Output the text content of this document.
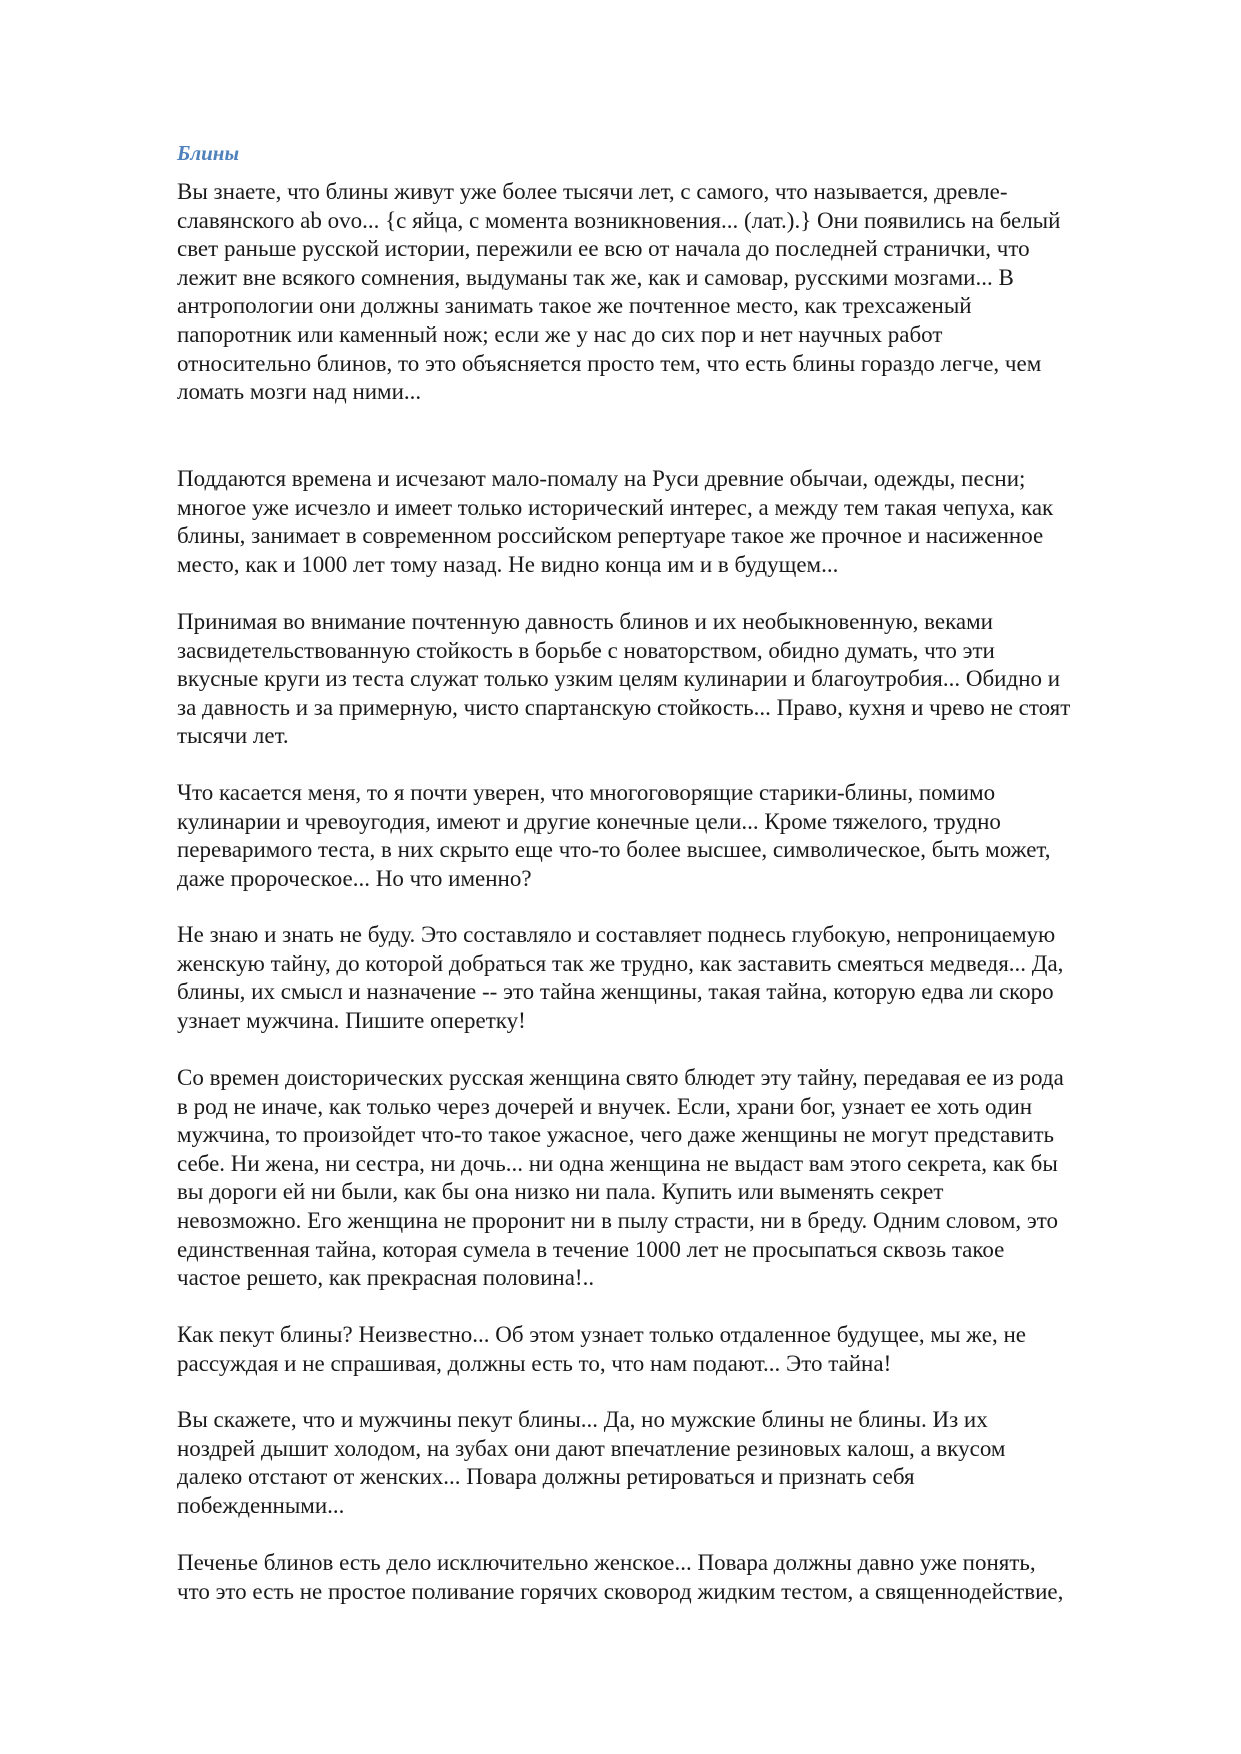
Блины
Вы знаете, что блины живут уже более тысячи лет, с самого, что называется, древле-
славянского ab ovo... {с яйца, с момента возникновения... (лат.).} Они появились на белый
свет раньше русской истории, пережили ее всю от начала до последней странички, что
лежит вне всякого сомнения, выдуманы так же, как и самовар, русскими мозгами... В
антропологии они должны занимать такое же почтенное место, как трехсаженый
папоротник или каменный нож; если же у нас до сих пор и нет научных работ
относительно блинов, то это объясняется просто тем, что есть блины гораздо легче, чем
ломать мозги над ними...
Поддаются времена и исчезают мало-помалу на Руси древние обычаи, одежды, песни;
многое уже исчезло и имеет только исторический интерес, а между тем такая чепуха, как
блины, занимает в современном российском репертуаре такое же прочное и насиженное
место, как и 1000 лет тому назад. Не видно конца им и в будущем...
Принимая во внимание почтенную давность блинов и их необыкновенную, веками
засвидетельствованную стойкость в борьбе с новаторством, обидно думать, что эти
вкусные круги из теста служат только узким целям кулинарии и благоутробия... Обидно и
за давность и за примерную, чисто спартанскую стойкость... Право, кухня и чрево не стоят
тысячи лет.
Что касается меня, то я почти уверен, что многоговорящие старики-блины, помимо
кулинарии и чревоугодия, имеют и другие конечные цели... Кроме тяжелого, трудно
переваримого теста, в них скрыто еще что-то более высшее, символическое, быть может,
даже пророческое... Но что именно?
Не знаю и знать не буду. Это составляло и составляет поднесь глубокую, непроницаемую
женскую тайну, до которой добраться так же трудно, как заставить смеяться медведя... Да,
блины, их смысл и назначение -- это тайна женщины, такая тайна, которую едва ли скоро
узнает мужчина. Пишите оперетку!
Со времен доисторических русская женщина свято блюдет эту тайну, передавая ее из рода
в род не иначе, как только через дочерей и внучек. Если, храни бог, узнает ее хоть один
мужчина, то произойдет что-то такое ужасное, чего даже женщины не могут представить
себе. Ни жена, ни сестра, ни дочь... ни одна женщина не выдаст вам этого секрета, как бы
вы дороги ей ни были, как бы она низко ни пала. Купить или выменять секрет
невозможно. Его женщина не проронит ни в пылу страсти, ни в бреду. Одним словом, это
единственная тайна, которая сумела в течение 1000 лет не просыпаться сквозь такое
частое решето, как прекрасная половина!..
Как пекут блины? Неизвестно... Об этом узнает только отдаленное будущее, мы же, не
рассуждая и не спрашивая, должны есть то, что нам подают... Это тайна!
Вы скажете, что и мужчины пекут блины... Да, но мужские блины не блины. Из их
ноздрей дышит холодом, на зубах они дают впечатление резиновых калош, а вкусом
далеко отстают от женских... Повара должны ретироваться и признать себя
побежденными...
Печенье блинов есть дело исключительно женское... Повара должны давно уже понять,
что это есть не простое поливание горячих сковород жидким тестом, а священнодействие,
